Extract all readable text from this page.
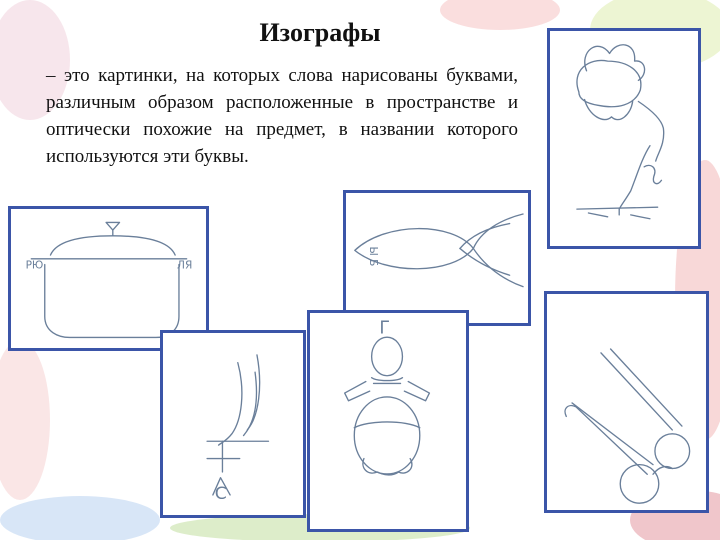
Изографы
– это картинки, на которых слова нарисованы буквами, различным образом расположенные в пространстве и оптически похожие на предмет, в названии которого используются эти буквы.
РЮ	ЛЯ	Ы Б
С
Г
